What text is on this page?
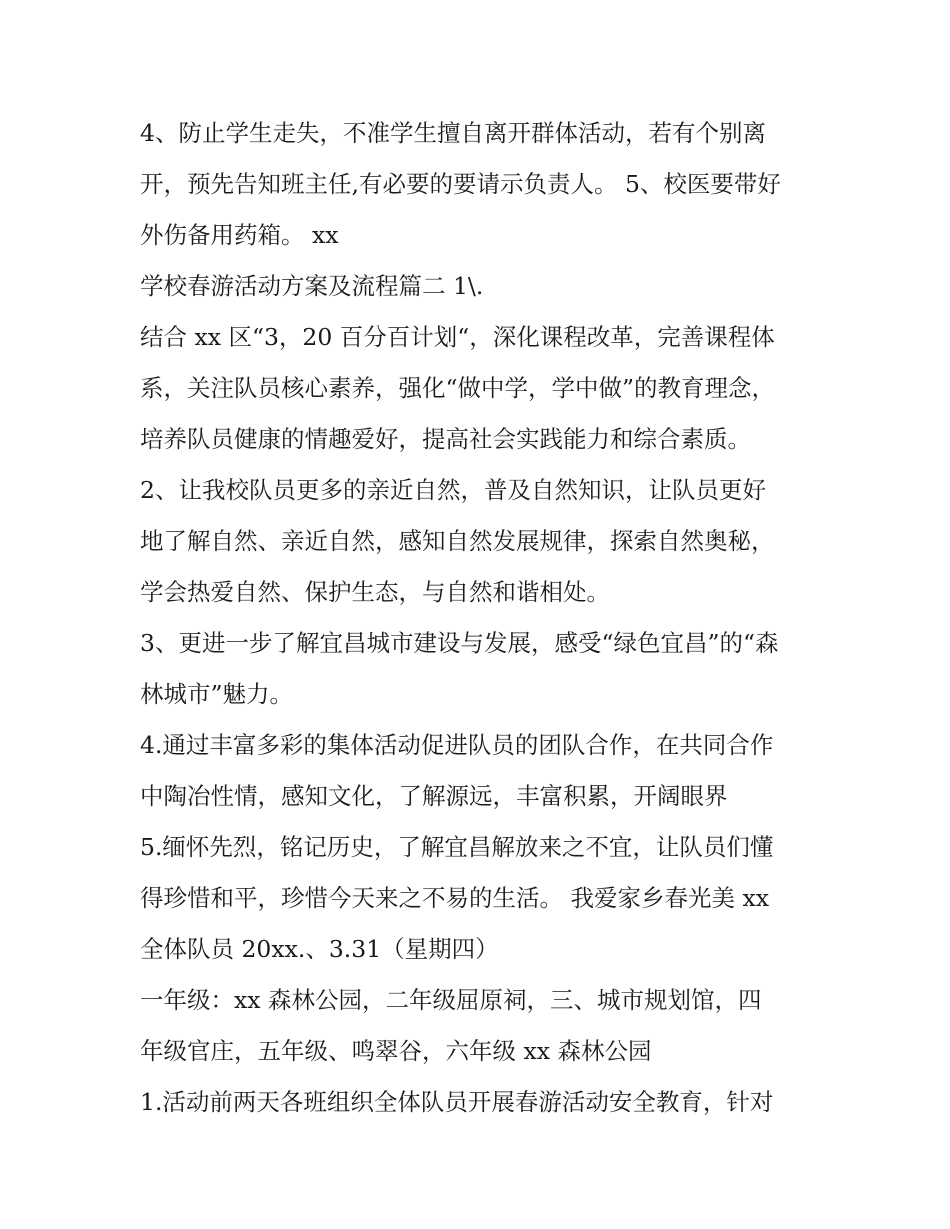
4、防止学生走失，不准学生擅自离开群体活动，若有个别离
开，预先告知班主任,有必要的要请示负责人。 5、校医要带好
外伤备用药箱。 xx
学校春游活动方案及流程篇二 1\.
结合 xx 区“3，20 百分百计划“，深化课程改革，完善课程体
系，关注队员核心素养，强化“做中学，学中做”的教育理念，
培养队员健康的情趣爱好，提高社会实践能力和综合素质。
2、让我校队员更多的亲近自然，普及自然知识，让队员更好
地了解自然、亲近自然，感知自然发展规律，探索自然奥秘，
学会热爱自然、保护生态，与自然和谐相处。
3、更进一步了解宜昌城市建设与发展，感受“绿色宜昌”的“森
林城市”魅力。
4.通过丰富多彩的集体活动促进队员的团队合作，在共同合作
中陶冶性情，感知文化，了解源远，丰富积累，开阔眼界
5.缅怀先烈，铭记历史，了解宜昌解放来之不宜，让队员们懂
得珍惜和平，珍惜今天来之不易的生活。 我爱家乡春光美 xx
全体队员 20xx.、3.31（星期四）
一年级：xx 森林公园，二年级屈原祠，三、城市规划馆，四
年级官庄，五年级、鸣翠谷，六年级 xx 森林公园
1.活动前两天各班组织全体队员开展春游活动安全教育，针对
